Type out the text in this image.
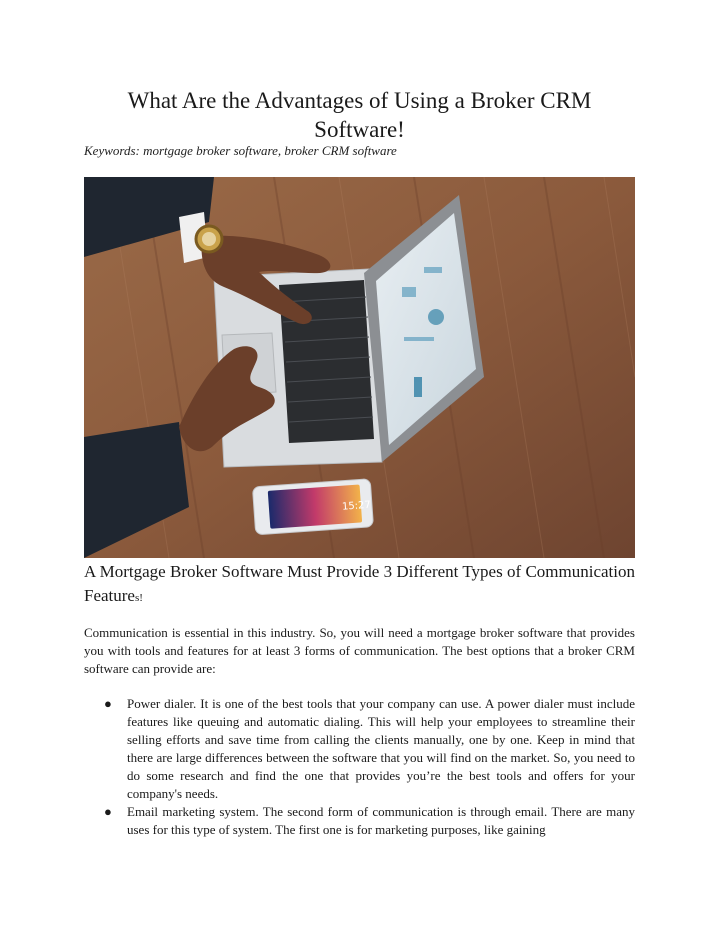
What Are the Advantages of Using a Broker CRM Software!
Keywords: mortgage broker software, broker CRM software
15:27
A Mortgage Broker Software Must Provide 3 Different Types of Communication Features!
Communication is essential in this industry. So, you will need a mortgage broker software that provides you with tools and features for at least 3 forms of communication. The best options that a broker CRM software can provide are:
● Power dialer. It is one of the best tools that your company can use. A power dialer must include features like queuing and automatic dialing. This will help your employees to streamline their selling efforts and save time from calling the clients manually, one by one. Keep in mind that there are large differences between the software that you will find on the market. So, you need to do some research and find the one that provides you’re the best tools and offers for your company's needs.
● Email marketing system. The second form of communication is through email. There are many uses for this type of system. The first one is for marketing purposes, like gaining
